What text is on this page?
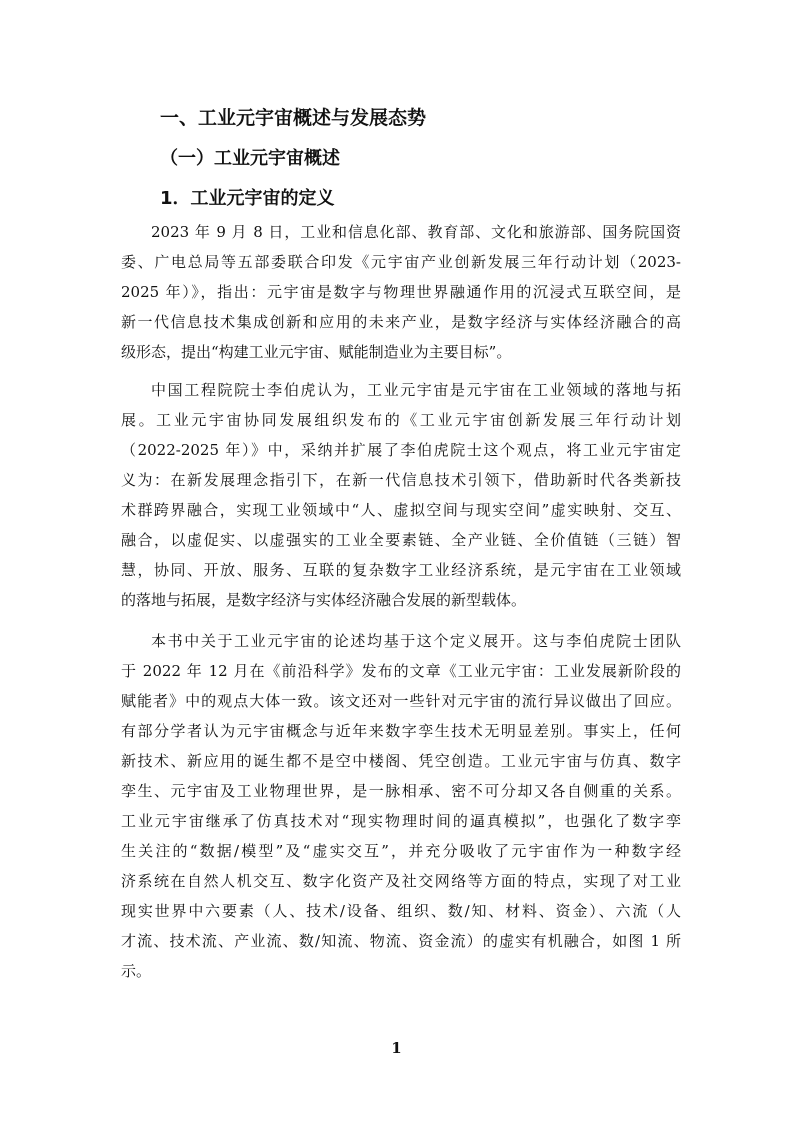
一、工业元宇宙概述与发展态势
（一）工业元宇宙概述
1．工业元宇宙的定义
2023 年 9 月 8 日，工业和信息化部、教育部、文化和旅游部、国务院国资
委、广电总局等五部委联合印发《元宇宙产业创新发展三年行动计划（2023-
2025 年）》，指出：元宇宙是数字与物理世界融通作用的沉浸式互联空间，是
新一代信息技术集成创新和应用的未来产业，是数字经济与实体经济融合的高
级形态，提出“构建工业元宇宙、赋能制造业为主要目标”。
中国工程院院士李伯虎认为，工业元宇宙是元宇宙在工业领域的落地与拓
展。工业元宇宙协同发展组织发布的《工业元宇宙创新发展三年行动计划
（2022-2025 年）》中，采纳并扩展了李伯虎院士这个观点，将工业元宇宙定
义为：在新发展理念指引下，在新一代信息技术引领下，借助新时代各类新技
术群跨界融合，实现工业领域中“人、虚拟空间与现实空间”虚实映射、交互、
融合，以虚促实、以虚强实的工业全要素链、全产业链、全价值链（三链）智
慧，协同、开放、服务、互联的复杂数字工业经济系统，是元宇宙在工业领域
的落地与拓展，是数字经济与实体经济融合发展的新型载体。
本书中关于工业元宇宙的论述均基于这个定义展开。这与李伯虎院士团队
于 2022 年 12 月在《前沿科学》发布的文章《工业元宇宙：工业发展新阶段的
赋能者》中的观点大体一致。该文还对一些针对元宇宙的流行异议做出了回应。
有部分学者认为元宇宙概念与近年来数字孪生技术无明显差别。事实上，任何
新技术、新应用的诞生都不是空中楼阁、凭空创造。工业元宇宙与仿真、数字
孪生、元宇宙及工业物理世界，是一脉相承、密不可分却又各自侧重的关系。
工业元宇宙继承了仿真技术对“现实物理时间的逼真模拟”，也强化了数字孪
生关注的“数据/模型”及“虚实交互”，并充分吸收了元宇宙作为一种数字经
济系统在自然人机交互、数字化资产及社交网络等方面的特点，实现了对工业
现实世界中六要素（人、技术/设备、组织、数/知、材料、资金）、六流（人
才流、技术流、产业流、数/知流、物流、资金流）的虚实有机融合，如图 1 所
示。
1
